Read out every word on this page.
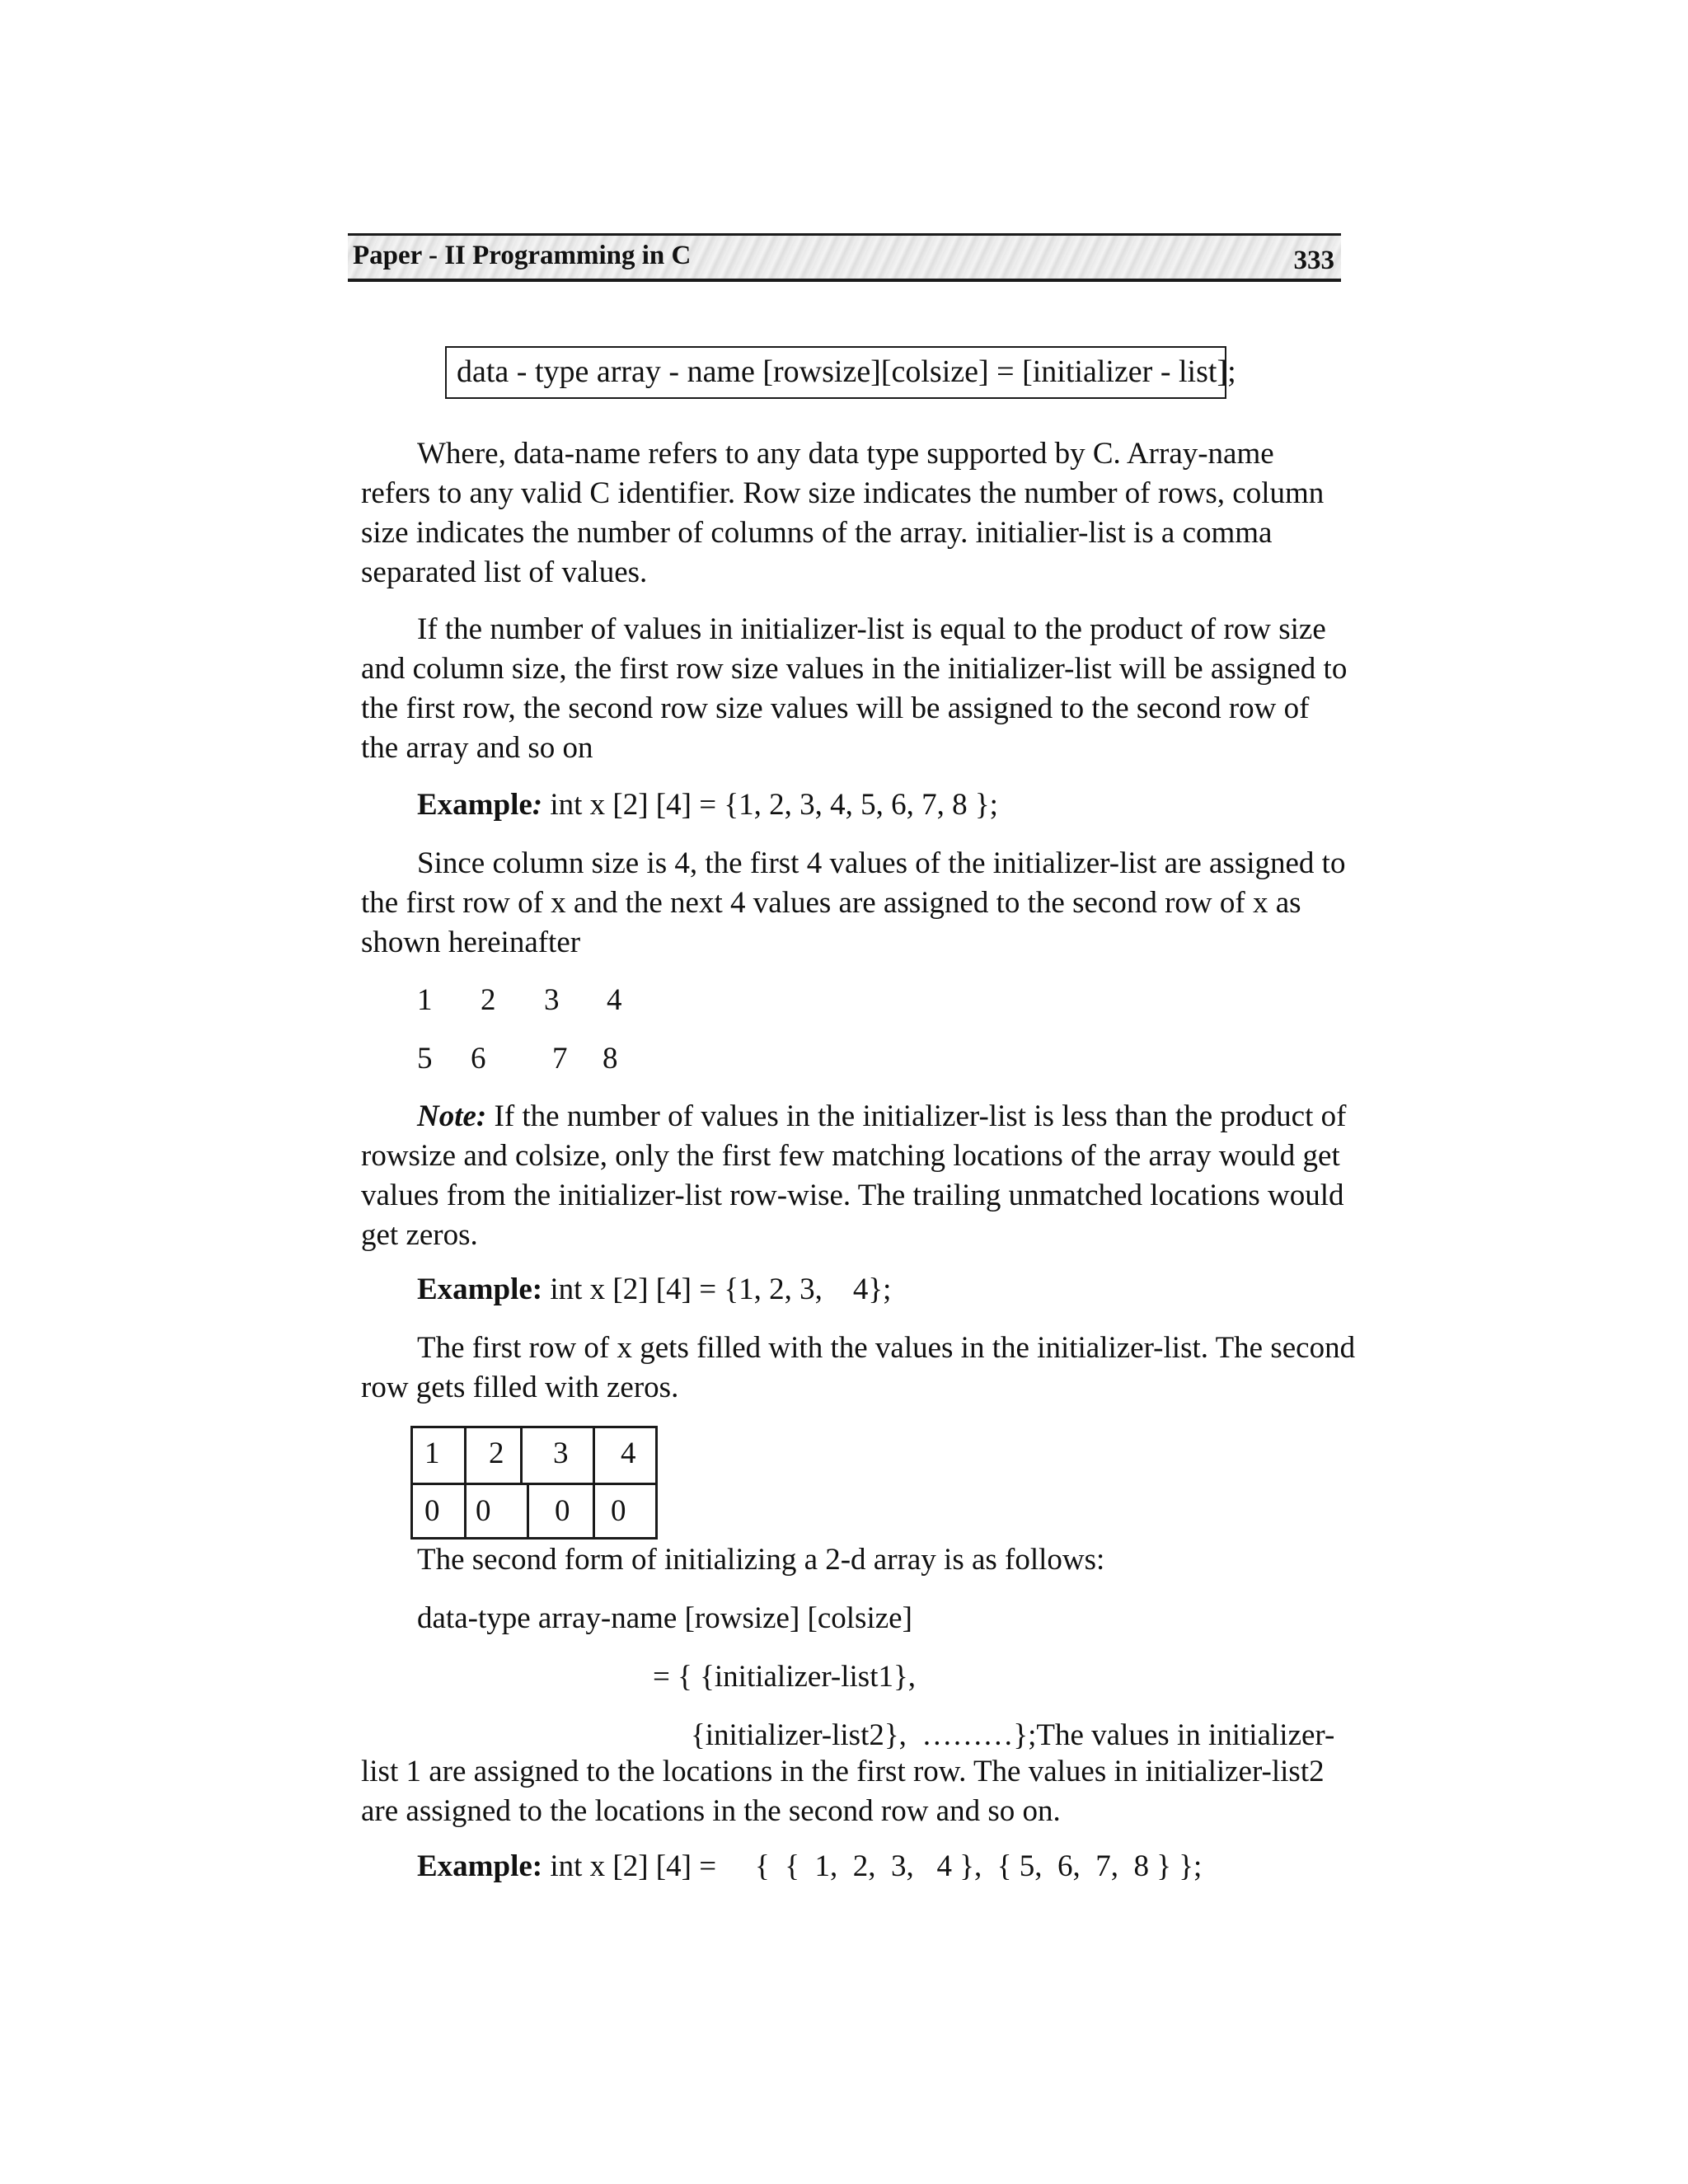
Paper - II Programming in C	333
data - type array - name [rowsize][colsize] = [initializer - list];
Where, data-name refers to any data type supported by C. Array-name
refers to any valid C identifier. Row size indicates the number of rows, column
size indicates the number of columns of the array. initialier-list is a comma
separated list of values.
If the number of values in initializer-list is equal to the product of row size
and column size, the first row size values in the initializer-list will be assigned to
the first row, the second row size values will be assigned to the second row of
the array and so on
Example: int x [2] [4] = {1, 2, 3, 4, 5, 6, 7, 8 };
Since column size is 4, the first 4 values of the initializer-list are assigned to
the first row of x and the next 4 values are assigned to the second row of x as
shown hereinafter
1 2 3 4
5 6 7 8
Note: If the number of values in the initializer-list is less than the product of
rowsize and colsize, only the first few matching locations of the array would get
values from the initializer-list row-wise. The trailing unmatched locations would
get zeros.
Example: int x [2] [4] = {1, 2, 3,    4};
The first row of x gets filled with the values in the initializer-list. The second
row gets filled with zeros.
1 2 3 4
0 0 0 0
The second form of initializing a 2-d array is as follows:
data-type array-name [rowsize] [colsize]
= { {initializer-list1},
{initializer-list2},  ………};The values in initializer-
list 1 are assigned to the locations in the first row. The values in initializer-list2
are assigned to the locations in the second row and so on.
Example: int x [2] [4] = {  {  1,  2,  3,   4 },  { 5,  6,  7,  8 } };
